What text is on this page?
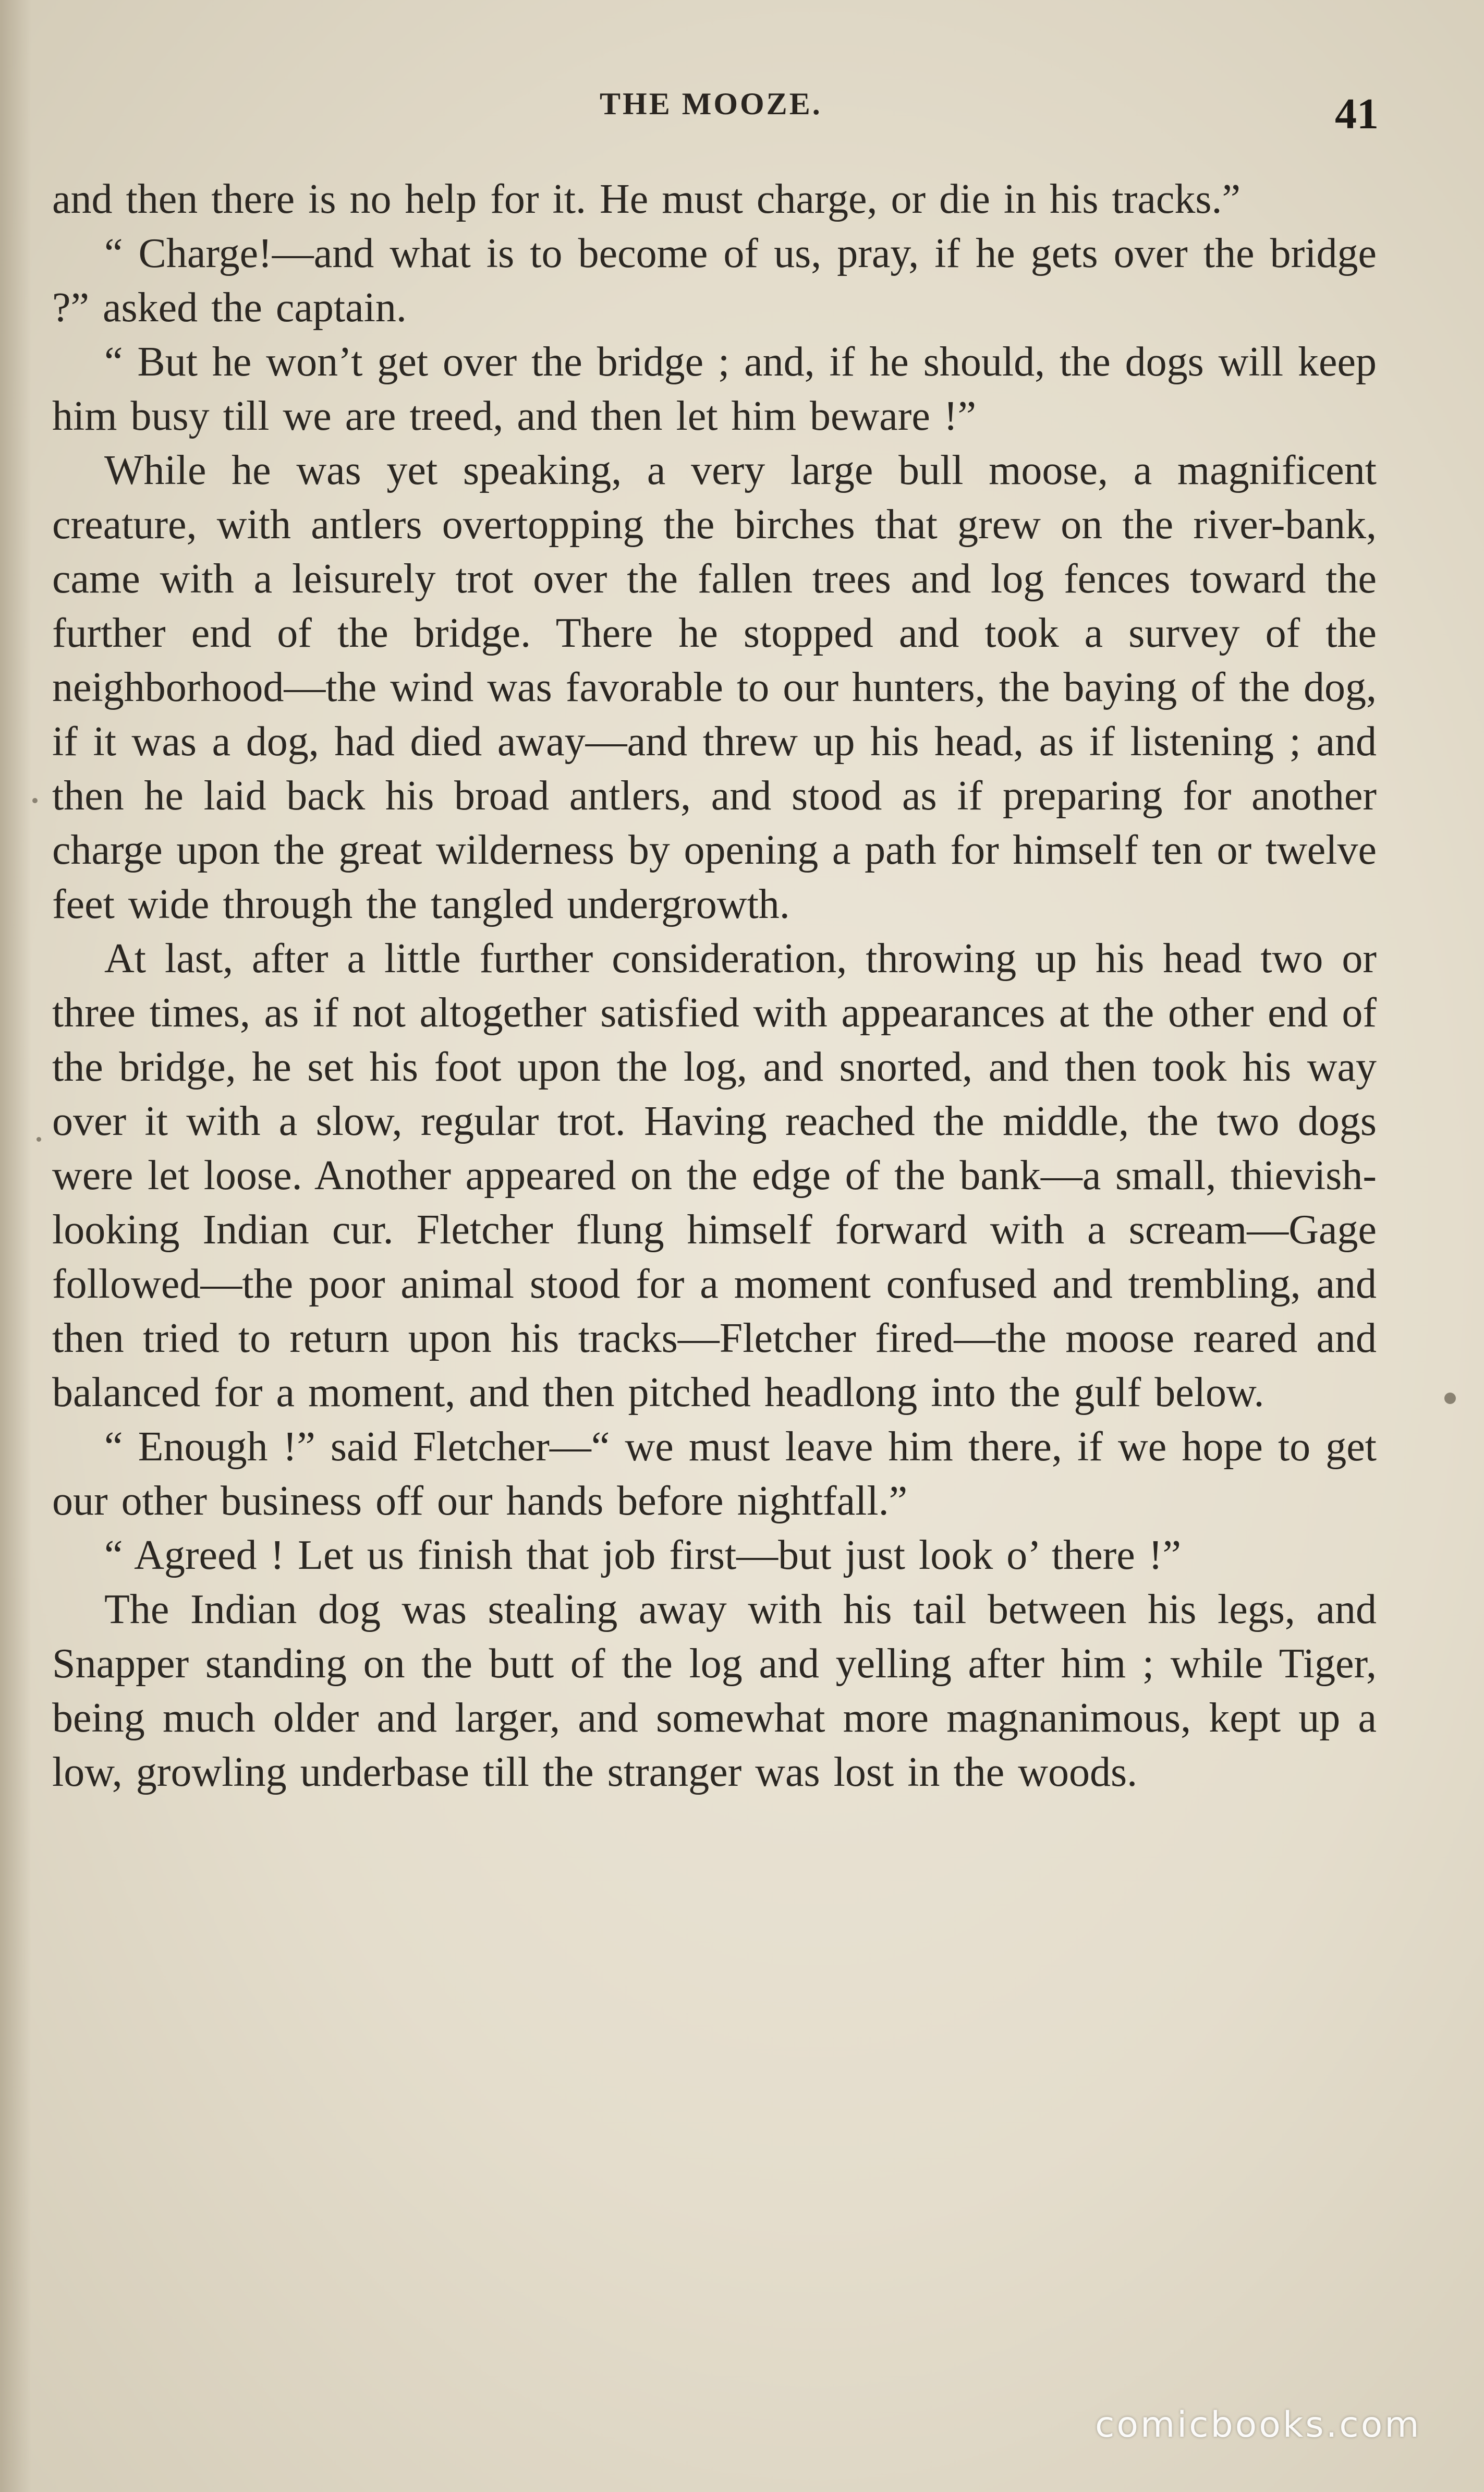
THE MOOZE.	41

and then there is no help for it. He must charge, or die in his tracks.”

“ Charge!—and what is to become of us, pray, if he gets over the bridge ?” asked the captain.

“ But he won’t get over the bridge ; and, if he should, the dogs will keep him busy till we are treed, and then let him beware !”

While he was yet speaking, a very large bull moose, a magnificent creature, with antlers overtopping the birches that grew on the river-bank, came with a leisurely trot over the fallen trees and log fences toward the further end of the bridge. There he stopped and took a survey of the neighborhood—the wind was favorable to our hunters, the baying of the dog, if it was a dog, had died away—and threw up his head, as if listening ; and then he laid back his broad antlers, and stood as if preparing for another charge upon the great wilderness by opening a path for himself ten or twelve feet wide through the tangled undergrowth.

At last, after a little further consideration, throwing up his head two or three times, as if not altogether satisfied with appearances at the other end of the bridge, he set his foot upon the log, and snorted, and then took his way over it with a slow, regular trot. Having reached the middle, the two dogs were let loose. Another appeared on the edge of the bank—a small, thievish-looking Indian cur. Fletcher flung himself forward with a scream—Gage followed—the poor animal stood for a moment confused and trembling, and then tried to return upon his tracks—Fletcher fired—the moose reared and balanced for a moment, and then pitched headlong into the gulf below.

“ Enough !” said Fletcher—“ we must leave him there, if we hope to get our other business off our hands before nightfall.”

“ Agreed ! Let us finish that job first—but just look o’ there !”

The Indian dog was stealing away with his tail between his legs, and Snapper standing on the butt of the log and yelling after him ; while Tiger, being much older and larger, and somewhat more magnanimous, kept up a low, growling underbase till the stranger was lost in the woods.

comicbooks.com
